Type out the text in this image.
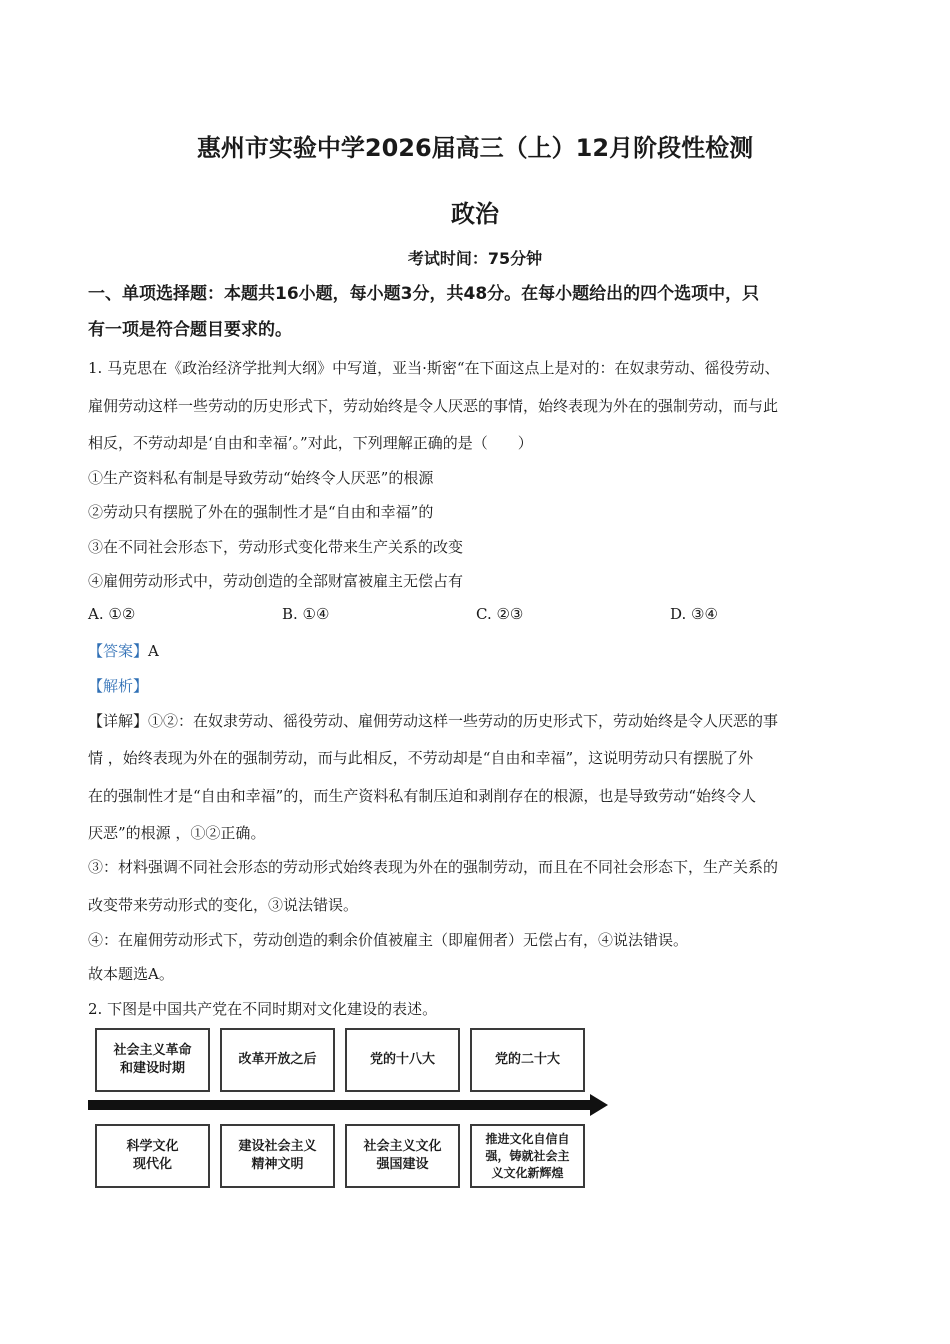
惠州市实验中学2026届高三（上）12月阶段性检测
政治
考试时间：75分钟
一、单项选择题：本题共16小题，每小题3分，共48分。在每小题给出的四个选项中，只
有一项是符合题目要求的。
1. 马克思在《政治经济学批判大纲》中写道，亚当·斯密“在下面这点上是对的：在奴隶劳动、徭役劳动、
雇佣劳动这样一些劳动的历史形式下，劳动始终是令人厌恶的事情，始终表现为外在的强制劳动，而与此
相反，不劳动却是‘自由和幸福’。”对此，下列理解正确的是（　　）
①生产资料私有制是导致劳动“始终令人厌恶”的根源
②劳动只有摆脱了外在的强制性才是“自由和幸福”的
③在不同社会形态下，劳动形式变化带来生产关系的改变
④雇佣劳动形式中，劳动创造的全部财富被雇主无偿占有
A. ①②	B. ①④	C. ②③	D. ③④
【答案】A
【解析】
【详解】①②：在奴隶劳动、徭役劳动、雇佣劳动这样一些劳动的历史形式下，劳动始终是令人厌恶的事
情 ，始终表现为外在的强制劳动，而与此相反，不劳动却是“自由和幸福”，这说明劳动只有摆脱了外
在的强制性才是“自由和幸福”的，而生产资料私有制压迫和剥削存在的根源，也是导致劳动“始终令人
厌恶”的根源 ，①②正确。
③：材料强调不同社会形态的劳动形式始终表现为外在的强制劳动，而且在不同社会形态下，生产关系的
改变带来劳动形式的变化，③说法错误。
④：在雇佣劳动形式下，劳动创造的剩余价值被雇主（即雇佣者）无偿占有，④说法错误。
故本题选A。
2. 下图是中国共产党在不同时期对文化建设的表述。
社会主义革命
和建设时期
改革开放之后	党的十八大	党的二十大
科学文化
现代化
建设社会主义
精神文明
社会主义文化
强国建设
推进文化自信自
强，铸就社会主
义文化新辉煌
